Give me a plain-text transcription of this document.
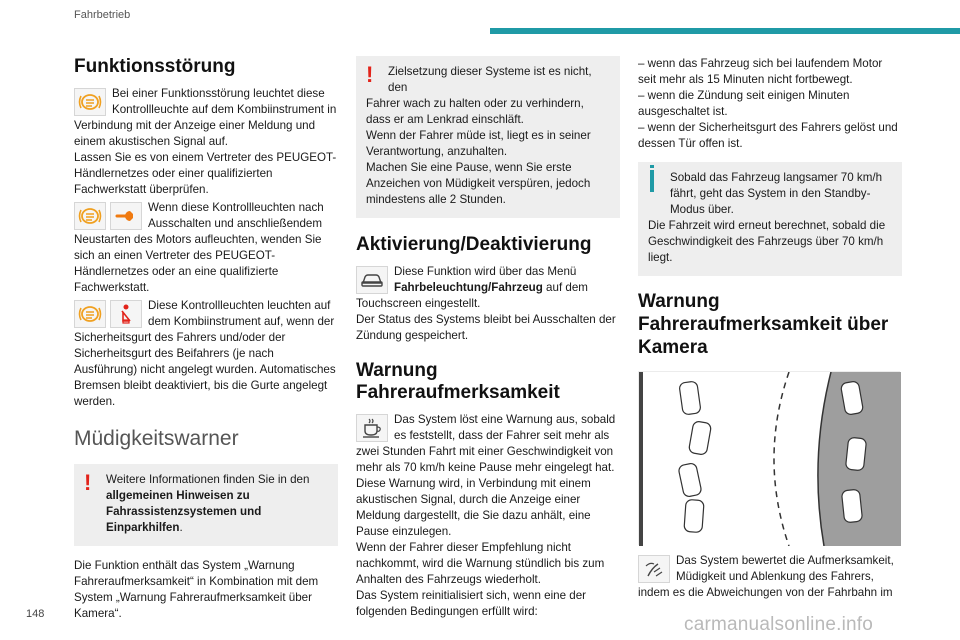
Fahrbetrieb
Funktionsstörung
Bei einer Funktionsstörung leuchtet diese Kontrollleuchte auf dem Kombiinstrument in Verbindung mit der Anzeige einer Meldung und einem akustischen Signal auf.

Lassen Sie es von einem Vertreter des PEUGEOT-Händlernetzes oder einer qualifizierten Fachwerkstatt überprüfen.

Wenn diese Kontrollleuchten nach Ausschalten und anschließendem Neustarten des Motors aufleuchten, wenden Sie sich an einen Vertreter des PEUGEOT-Händlernetzes oder an eine qualifizierte Fachwerkstatt.
Diese Kontrollleuchten leuchten auf dem Kombiinstrument auf, wenn der Sicherheitsgurt des Fahrers und/oder der Sicherheitsgurt des Beifahrers (je nach Ausführung) nicht angelegt wurden. Automatisches Bremsen bleibt deaktiviert, bis die Gurte angelegt werden.
Müdigkeitswarner
!	Weitere Informationen finden Sie in den
allgemeinen Hinweisen zu Fahrassistenzsystemen und Einparkhilfen.

Die Funktion enthält das System „Warnung Fahreraufmerksamkeit“ in Kombination mit dem System „Warnung Fahreraufmerksamkeit über Kamera“.

!	Zielsetzung dieser Systeme ist es nicht, den
Fahrer wach zu halten oder zu verhindern, dass er am Lenkrad einschläft.
Wenn der Fahrer müde ist, liegt es in seiner Verantwortung, anzuhalten.
Machen Sie eine Pause, wenn Sie erste Anzeichen von Müdigkeit verspüren, jedoch mindestens alle 2 Stunden.
Aktivierung/Deaktivierung
Diese Funktion wird über das Menü Fahrbeleuchtung/Fahrzeug auf dem Touchscreen eingestellt.

Der Status des Systems bleibt bei Ausschalten der Zündung gespeichert.

Warnung Fahreraufmerksamkeit
Das System löst eine Warnung aus, sobald es feststellt, dass der Fahrer seit mehr als zwei Stunden Fahrt mit einer Geschwindigkeit von mehr als 70 km/h keine Pause mehr eingelegt hat.

Diese Warnung wird, in Verbindung mit einem akustischen Signal, durch die Anzeige einer Meldung dargestellt, die Sie dazu anhält, eine Pause einzulegen.

Wenn der Fahrer dieser Empfehlung nicht nachkommt, wird die Warnung stündlich bis zum Anhalten des Fahrzeugs wiederholt.

Das System reinitialisiert sich, wenn eine der folgenden Bedingungen erfüllt wird:

– wenn das Fahrzeug sich bei laufendem Motor seit mehr als 15 Minuten nicht fortbewegt.

– wenn die Zündung seit einigen Minuten ausgeschaltet ist.

– wenn der Sicherheitsgurt des Fahrers gelöst und dessen Tür offen ist.

Sobald das Fahrzeug langsamer 70 km/h
fährt, geht das System in den Standby-Modus über.
Die Fahrzeit wird erneut berechnet, sobald die Geschwindigkeit des Fahrzeugs über 70 km/h liegt.
Warnung Fahreraufmerksamkeit über Kamera
Das System bewertet die Aufmerksamkeit, Müdigkeit und Ablenkung des Fahrers, indem es die Abweichungen von der Fahrbahn im
148	carmanualsonline.info
